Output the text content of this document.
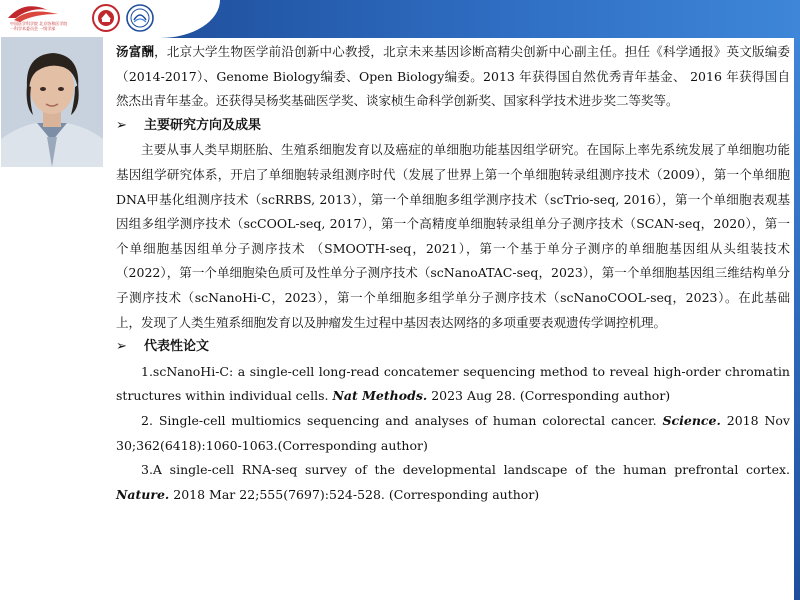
中国医学科学院 北京协和医学院
一科学术委员会 一级学部

汤富酬，北京大学生物医学前沿创新中心教授，北京未来基因诊断高精尖创新中心副主任。担任《科学通报》英文版编委（2014-2017）、Genome Biology编委、Open Biology编委。2013 年获得国自然优秀青年基金、 2016 年获得国自然杰出青年基金。还获得吴杨奖基础医学奖、谈家桢生命科学创新奖、国家科学技术进步奖二等奖等。

➢ 主要研究方向及成果

主要从事人类早期胚胎、生殖系细胞发育以及癌症的单细胞功能基因组学研究。在国际上率先系统发展了单细胞功能基因组学研究体系，开启了单细胞转录组测序时代（发展了世界上第一个单细胞转录组测序技术（2009），第一个单细胞DNA甲基化组测序技术（scRRBS, 2013），第一个单细胞多组学测序技术（scTrio-seq, 2016），第一个单细胞表观基因组多组学测序技术（scCOOL-seq, 2017），第一个高精度单细胞转录组单分子测序技术（SCAN-seq，2020），第一个单细胞基因组单分子测序技术 （SMOOTH-seq，2021），第一个基于单分子测序的单细胞基因组从头组装技术（2022），第一个单细胞染色质可及性单分子测序技术（scNanoATAC-seq，2023），第一个单细胞基因组三维结构单分子测序技术（scNanoHi-C，2023），第一个单细胞多组学单分子测序技术（scNanoCOOL-seq，2023）。在此基础上，发现了人类生殖系细胞发育以及肿瘤发生过程中基因表达网络的多项重要表观遗传学调控机理。

➢ 代表性论文

1.scNanoHi-C: a single-cell long-read concatemer sequencing method to reveal high-order chromatin structures within individual cells. Nat Methods. 2023 Aug 28. (Corresponding author)

2. Single-cell multiomics sequencing and analyses of human colorectal cancer. Science. 2018 Nov 30;362(6418):1060-1063.(Corresponding author)

3.A single-cell RNA-seq survey of the developmental landscape of the human prefrontal cortex. Nature. 2018 Mar 22;555(7697):524-528. (Corresponding author)
